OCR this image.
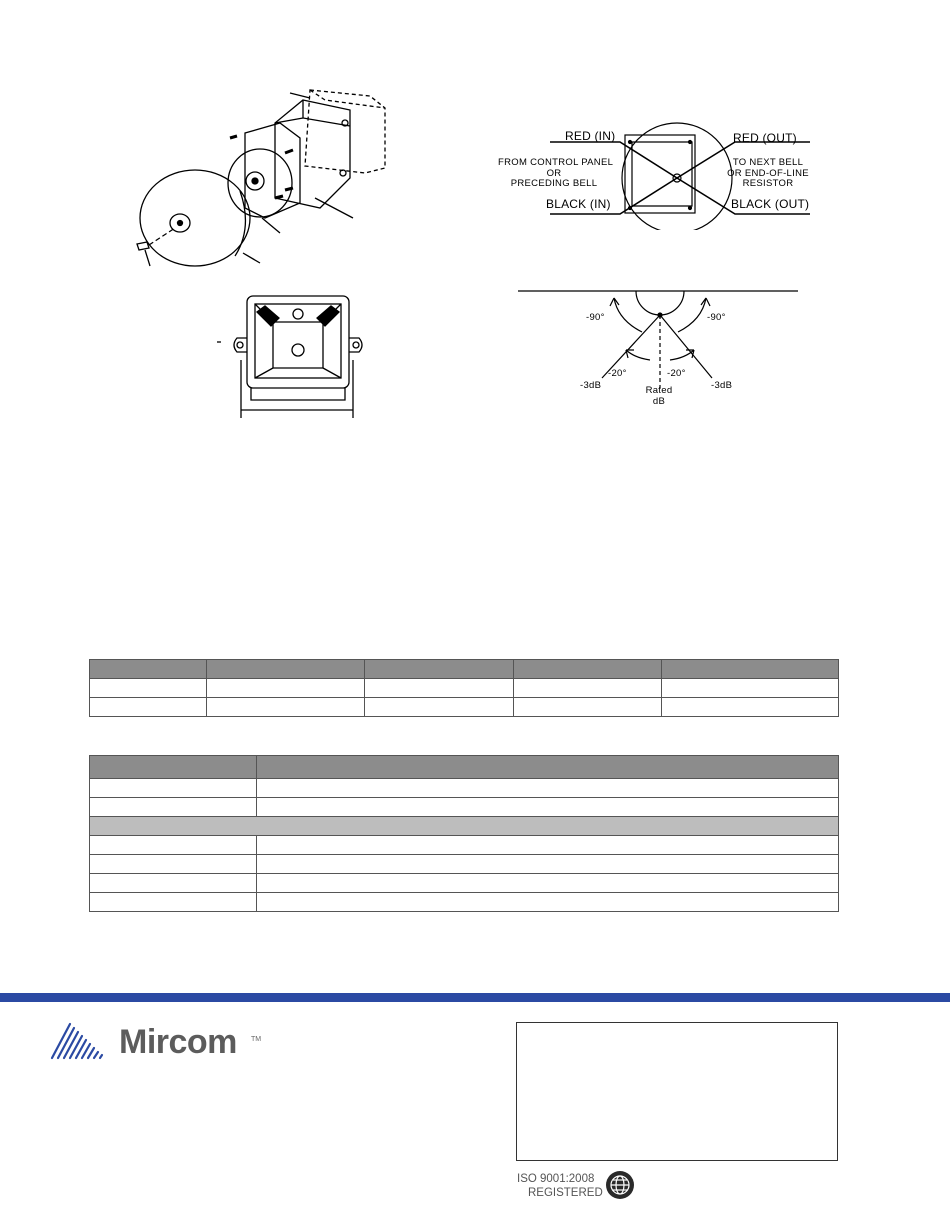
RED (IN)	RED (OUT)
BLACK (IN)	BLACK (OUT)
FROM CONTROL PANEL
OR
PRECEDING BELL
TO NEXT BELL
OR END-OF-LINE
RESISTOR
-90°	-90°
-20°	-20°
-3dB	-3dB
Rated
dB

Mircom TM
ISO 9001:2008
REGISTERED
